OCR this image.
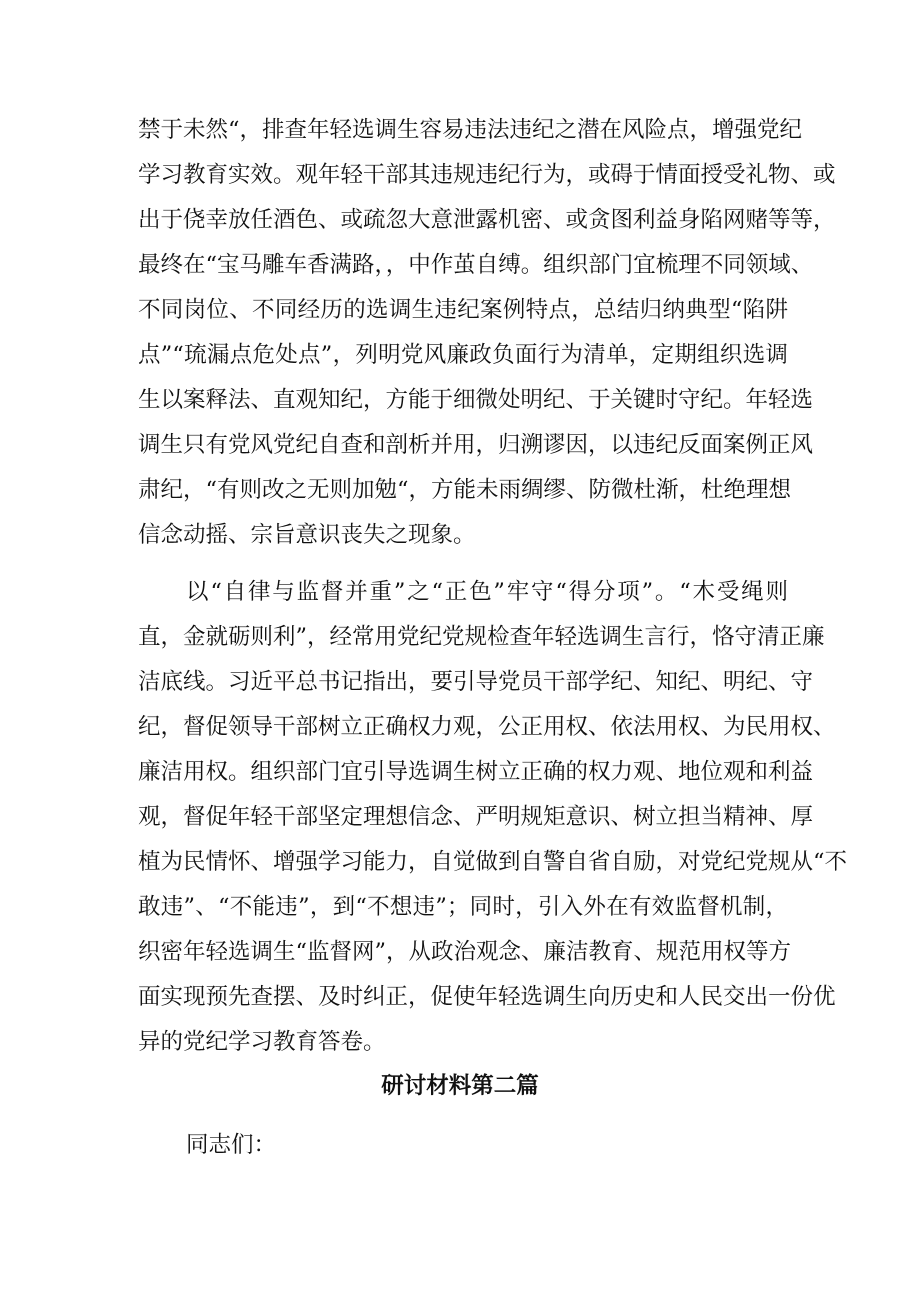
禁于未然“，排查年轻选调生容易违法违纪之潜在风险点，增强党纪
学习教育实效。观年轻干部其违规违纪行为，或碍于情面授受礼物、或
出于侥幸放任酒色、或疏忽大意泄露机密、或贪图利益身陷网赌等等，
最终在“宝马雕车香满路，，中作茧自缚。组织部门宜梳理不同领域、
不同岗位、不同经历的选调生违纪案例特点，总结归纳典型“陷阱
点”“琉漏点危处点”，列明党风廉政负面行为清单，定期组织选调
生以案释法、直观知纪，方能于细微处明纪、于关键时守纪。年轻选
调生只有党风党纪自查和剖析并用，归溯谬因，以违纪反面案例正风
肃纪，“有则改之无则加勉“，方能未雨绸缪、防微杜渐，杜绝理想
信念动摇、宗旨意识丧失之现象。
以“自律与监督并重”之“正色”牢守“得分项”。“木受绳则
直，金就砺则利”，经常用党纪党规检查年轻选调生言行，恪守清正廉
洁底线。习近平总书记指出，要引导党员干部学纪、知纪、明纪、守
纪，督促领导干部树立正确权力观，公正用权、依法用权、为民用权、
廉洁用权。组织部门宜引导选调生树立正确的权力观、地位观和利益
观，督促年轻干部坚定理想信念、严明规矩意识、树立担当精神、厚
植为民情怀、增强学习能力，自觉做到自警自省自励，对党纪党规从“不
敢违”、“不能违”，到“不想违”；同时，引入外在有效监督机制，
织密年轻选调生“监督网”，从政治观念、廉洁教育、规范用权等方
面实现预先查摆、及时纠正，促使年轻选调生向历史和人民交出一份优
异的党纪学习教育答卷。
研讨材料第二篇
同志们：
